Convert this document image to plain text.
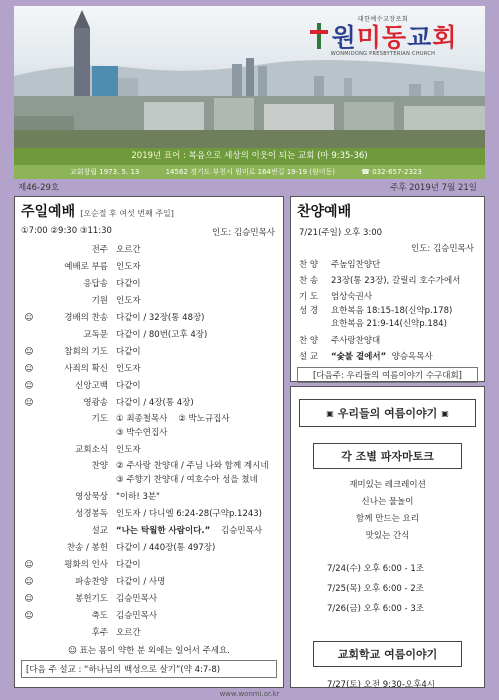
대한예수교장로회
원미동교회
WONMIDONG PRESBYTERIAN CHURCH
2019년 표어 : 복음으로 세상의 이웃이 되는 교회 (마 9:35-36)
교회창립 1973. 5. 13	14562 경기도 부천시 원미로 164번길 19-19 (원미동)	☎ 032-657-2323
제46-29호	주후 2019년 7월 21일
주일예배 [오순절 후 여섯 번째 주일]
①7:00 ②9:30 ③11:30	인도: 김승민목사
전주 오르간
예배로 부름 인도자
응답송 다같이
기원 인도자
☺	경배의 찬송 다같이 / 32장(통 48장)
교독문 다같이 / 80번(고후 4장)
☺	참회의 기도 다같이
☺	사죄의 확신 인도자
☺	신앙고백 다같이
☺	영광송 다같이 / 4장(통 4장)
기도 ① 최종철목사 ② 박노규집사
③ 박수연집사
교회소식 인도자
찬양 ② 주사랑 찬양대 / 주님 나와 함께 계시네
③ 주향기 찬양대 / 여호수아 성을 쳤네
영상묵상 "이하! 3분"
성경봉독 인도자 / 다니엘 6:24-28(구약p.1243)
설교 “나는 탁월한 사람이다.” 김승민목사
찬송 / 봉헌 다같이 / 440장(통 497장)
☺	평화의 인사 다같이
☺	파송찬양 다같이 / 사명
☺	봉헌기도 김승민목사
☺	축도 김승민목사
후주 오르간
☺ 표는 몸이 약한 분 외에는 일어서 주세요.
[다음 주 설교 : “하나님의 백성으로 살기”(약 4:7-8)
찬양예배
7/21(주일) 오후 3:00
인도: 김승민목사
찬 양 주높임찬양단
찬 송 23장(통 23장), 갈릴리 호수가에서
기 도 엄상숙권사
성 경 요한복음 18:15-18(신약p.178)
요한복음 21:9-14(신약p.184)
찬 양 주사랑찬양대
설 교 “숯불 곁에서” 양승옥목사
[다음주: 우리들의 여름이야기 수구대회]
▣ 우리들의 여름이야기 ▣
각 조별 파자마토크
재미있는 레크레이션
신나는 물놀이
함께 만드는 요리
맛있는 간식
7/24(수) 오후 6:00 - 1조
7/25(목) 오후 6:00 - 2조
7/26(금) 오후 6:00 - 3조
교회학교 여름이야기
7/27(토) 오전 9:30-오후4시
www.wonmi.or.kr
